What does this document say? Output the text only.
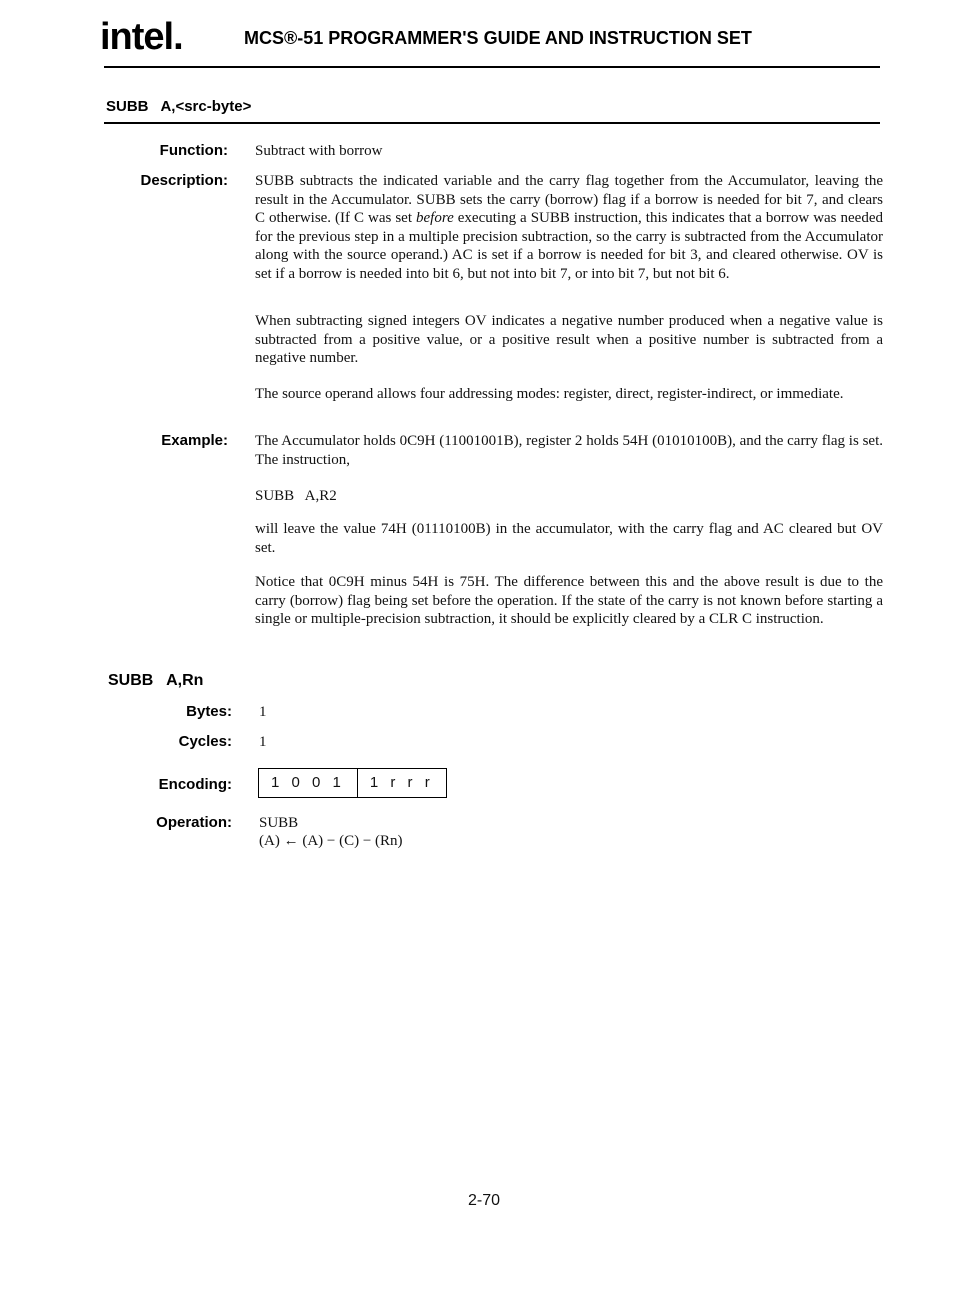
intel.	MCS®-51 PROGRAMMER'S GUIDE AND INSTRUCTION SET
SUBB   A,<src-byte>
Function: Subtract with borrow
Description: SUBB subtracts the indicated variable and the carry flag together from the Accumulator, leaving the result in the Accumulator. SUBB sets the carry (borrow) flag if a borrow is needed for bit 7, and clears C otherwise. (If C was set before executing a SUBB instruction, this indicates that a borrow was needed for the previous step in a multiple precision subtraction, so the carry is subtracted from the Accumulator along with the source operand.) AC is set if a borrow is needed for bit 3, and cleared otherwise. OV is set if a borrow is needed into bit 6, but not into bit 7, or into bit 7, but not bit 6.
When subtracting signed integers OV indicates a negative number produced when a negative value is subtracted from a positive value, or a positive result when a positive number is subtracted from a negative number.
The source operand allows four addressing modes: register, direct, register-indirect, or immediate.
Example: The Accumulator holds 0C9H (11001001B), register 2 holds 54H (01010100B), and the carry flag is set. The instruction,
SUBB   A,R2
will leave the value 74H (01110100B) in the accumulator, with the carry flag and AC cleared but OV set.
Notice that 0C9H minus 54H is 75H. The difference between this and the above result is due to the carry (borrow) flag being set before the operation. If the state of the carry is not known before starting a single or multiple-precision subtraction, it should be explicitly cleared by a CLR C instruction.
SUBB   A,Rn
Bytes: 1
Cycles: 1
Encoding:	1 0 0 1	1 r r r
Operation: SUBB
(A) ← (A) − (C) − (Rn)
2-70
